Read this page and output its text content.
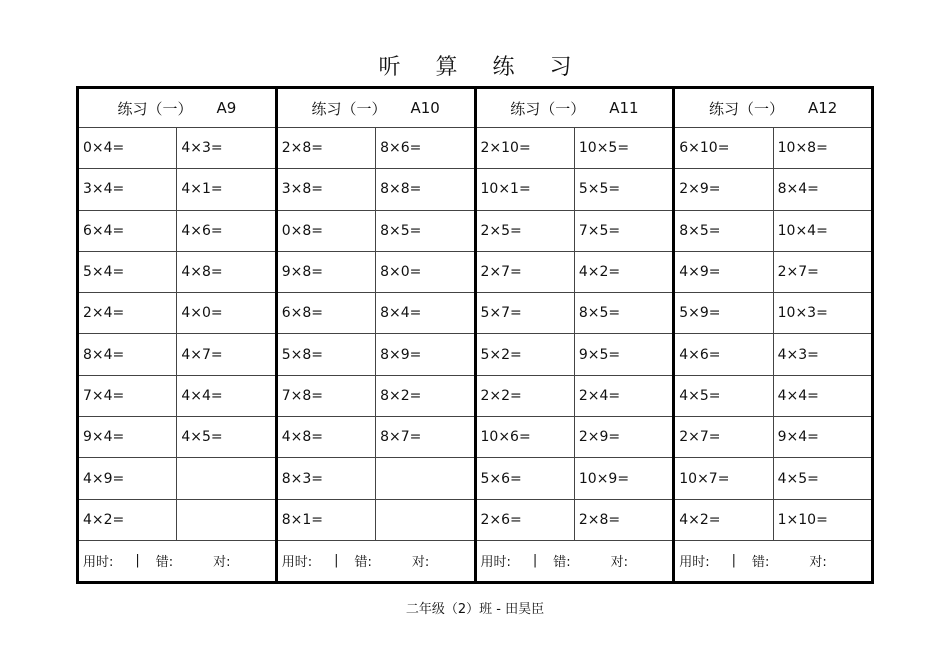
听 算 练 习
练习（一） A9
0×4=	4×3=
3×4=	4×1=
6×4=	4×6=
5×4=	4×8=
2×4=	4×0=
8×4=	4×7=
7×4=	4×4=
9×4=	4×5=
4×9=
4×2=
用时: | 错:	对:
练习（一） A10
2×8=	8×6=
3×8=	8×8=
0×8=	8×5=
9×8=	8×0=
6×8=	8×4=
5×8=	8×9=
7×8=	8×2=
4×8=	8×7=
8×3=
8×1=
用时: | 错:	对:
练习（一） A11
2×10=	10×5=
10×1=	5×5=
2×5=	7×5=
2×7=	4×2=
5×7=	8×5=
5×2=	9×5=
2×2=	2×4=
10×6=	2×9=
5×6=	10×9=
2×6=	2×8=
用时: | 错:	对:
练习（一） A12
6×10=	10×8=
2×9=	8×4=
8×5=	10×4=
4×9=	2×7=
5×9=	10×3=
4×6=	4×3=
4×5=	4×4=
2×7=	9×4=
10×7=	4×5=
4×2=	1×10=
用时: | 错:	对:
二年级（2）班 - 田昊臣
